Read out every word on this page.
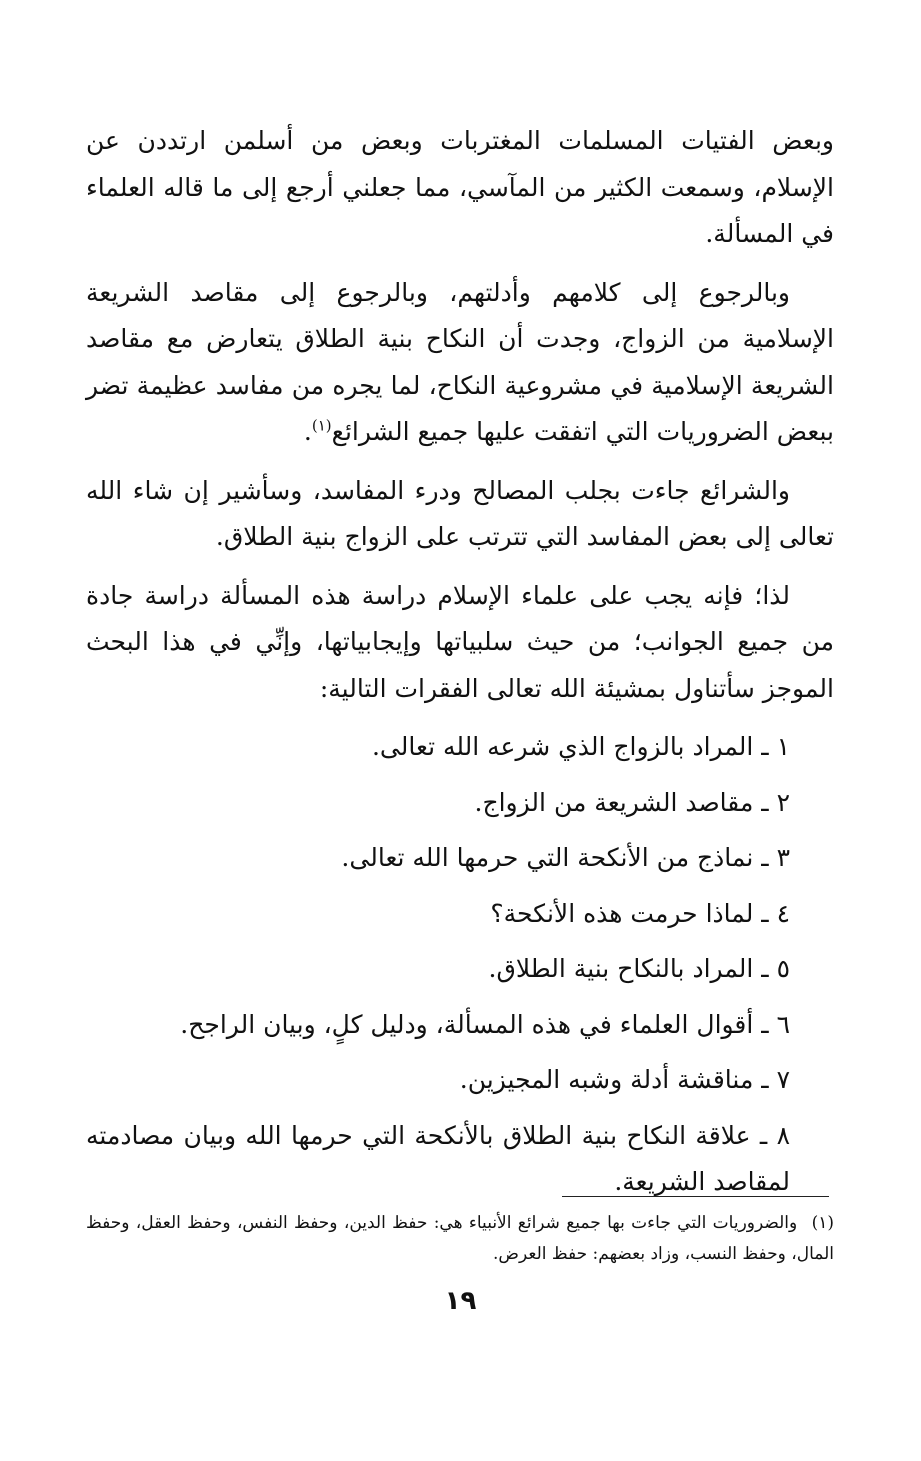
وبعض الفتيات المسلمات المغتربات وبعض من أسلمن ارتددن عن الإسلام، وسمعت الكثير من المآسي، مما جعلني أرجع إلى ما قاله العلماء في المسألة.

وبالرجوع إلى كلامهم وأدلتهم، وبالرجوع إلى مقاصد الشريعة الإسلامية من الزواج، وجدت أن النكاح بنية الطلاق يتعارض مع مقاصد الشريعة الإسلامية في مشروعية النكاح، لما يجره من مفاسد عظيمة تضر ببعض الضروريات التي اتفقت عليها جميع الشرائع$^{(١)}$.

والشرائع جاءت بجلب المصالح ودرء المفاسد، وسأشير إن شاء الله تعالى إلى بعض المفاسد التي تترتب على الزواج بنية الطلاق.

لذا؛ فإنه يجب على علماء الإسلام دراسة هذه المسألة دراسة جادة من جميع الجوانب؛ من حيث سلبياتها وإيجابياتها، وإنِّي في هذا البحث الموجز سأتناول بمشيئة الله تعالى الفقرات التالية:

١ ـ المراد بالزواج الذي شرعه الله تعالى.
٢ ـ مقاصد الشريعة من الزواج.
٣ ـ نماذج من الأنكحة التي حرمها الله تعالى.
٤ ـ لماذا حرمت هذه الأنكحة؟
٥ ـ المراد بالنكاح بنية الطلاق.
٦ ـ أقوال العلماء في هذه المسألة، ودليل كلٍ، وبيان الراجح.
٧ ـ مناقشة أدلة وشبه المجيزين.
٨ ـ علاقة النكاح بنية الطلاق بالأنكحة التي حرمها الله وبيان مصادمته لمقاصد الشريعة.
(١) والضروريات التي جاءت بها جميع شرائع الأنبياء هي: حفظ الدين، وحفظ النفس، وحفظ العقل، وحفظ المال، وحفظ النسب، وزاد بعضهم: حفظ العرض.
١٩
